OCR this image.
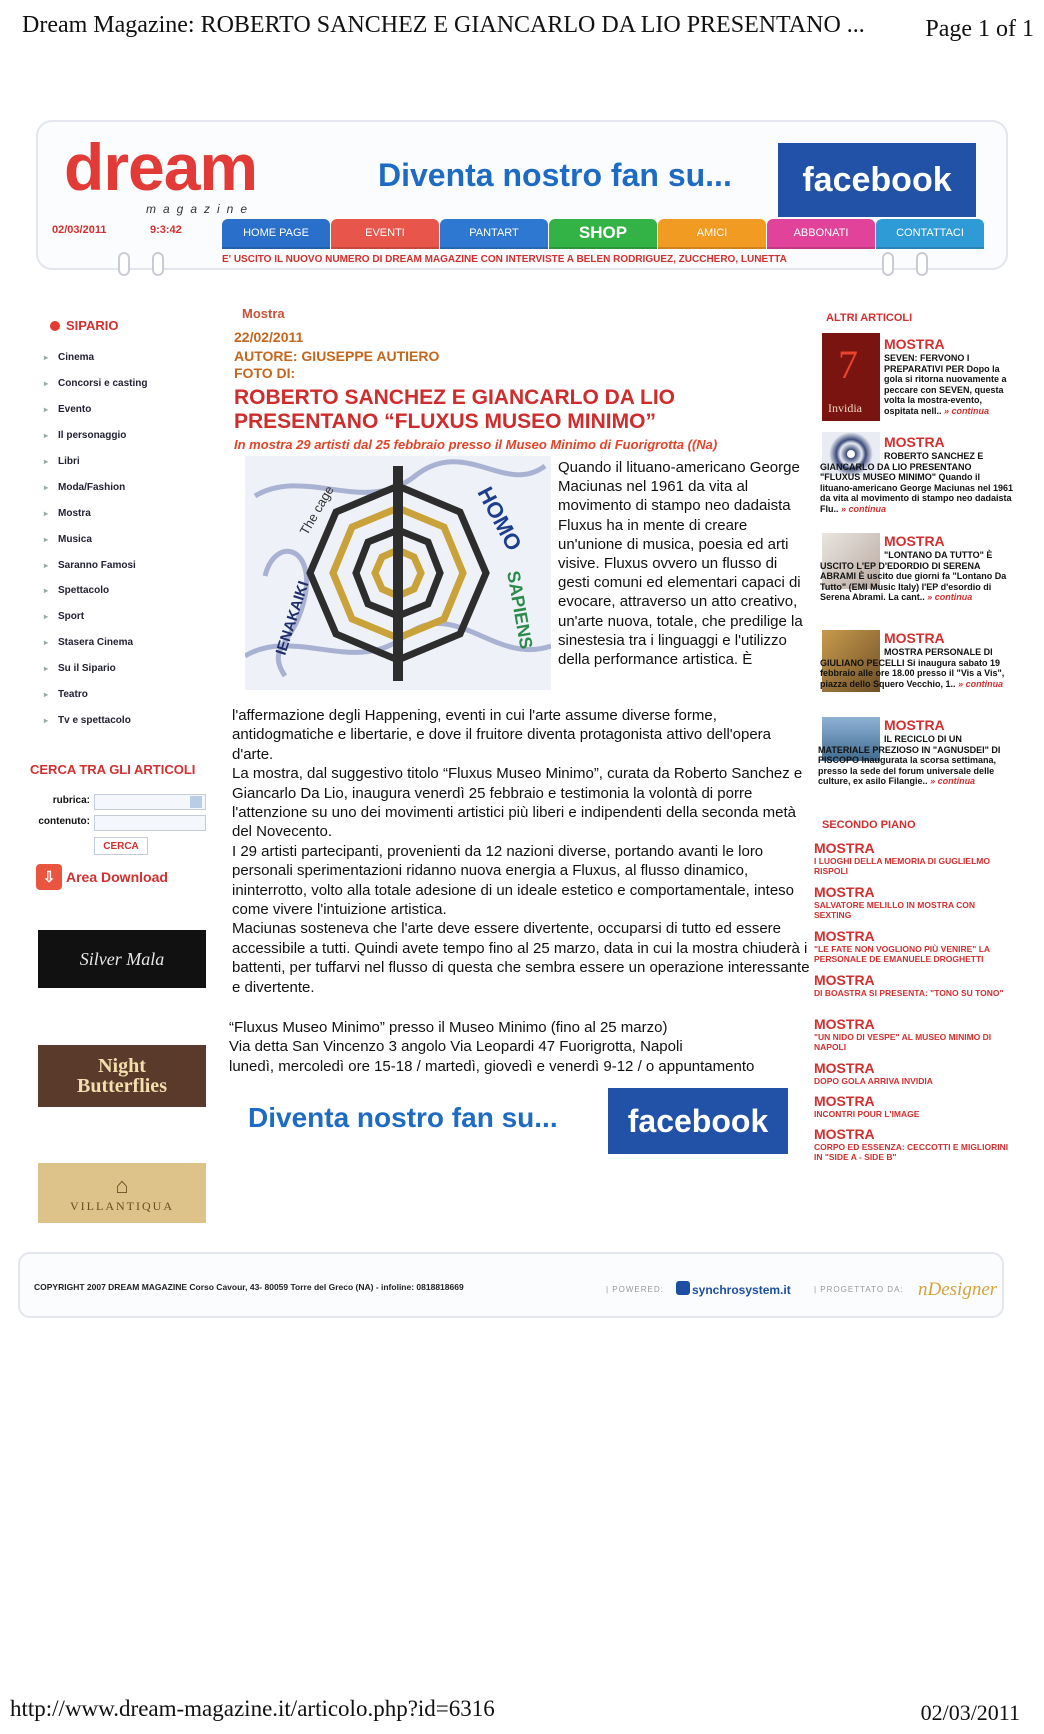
Dream Magazine: ROBERTO SANCHEZ E GIANCARLO DA LIO PRESENTANO ...	Page 1 of 1
http://www.dream-magazine.it/articolo.php?id=6316	02/03/2011
dream
magazine
Diventa nostro fan su...	facebook
02/03/2011	9:3:42	HOME PAGE	EVENTI	PANTART	SHOP	AMICI	ABBONATI	CONTATTACI
E' USCITO IL NUOVO NUMERO DI DREAM MAGAZINE CON INTERVISTE A BELEN RODRIGUEZ, ZUCCHERO, LUNETTA
SIPARIO
▸ Cinema
▸ Concorsi e casting
▸ Evento
▸ Il personaggio
▸ Libri
▸ Moda/Fashion
▸ Mostra
▸ Musica
▸ Saranno Famosi
▸ Spettacolo
▸ Sport
▸ Stasera Cinema
▸ Su il Sipario
▸ Teatro
▸ Tv e spettacolo
CERCA TRA GLI ARTICOLI
rubrica:
contenuto:
CERCA
⇩ Area Download
Silver Mala
Night
Butterflies
⌂
VILLANTIQUA
Mostra
22/02/2011
AUTORE: GIUSEPPE AUTIERO
FOTO DI:
ROBERTO SANCHEZ E GIANCARLO DA LIO PRESENTANO “FLUXUS MUSEO MINIMO”
In mostra 29 artisti dal 25 febbraio presso il Museo Minimo di Fuorigrotta ((Na)
HOMO
SAPIENS
The cage
IENAKAIKI
Quando il lituano-americano George Maciunas nel 1961 da vita al movimento di stampo neo dadaista Fluxus ha in mente di creare un'unione di musica, poesia ed arti visive. Fluxus ovvero un flusso di gesti comuni ed elementari capaci di evocare, attraverso un atto creativo, un'arte nuova, totale, che predilige la sinestesia tra i linguaggi e l'utilizzo della performance artistica. È

l'affermazione degli Happening, eventi in cui l'arte assume diverse forme, antidogmatiche e libertarie, e dove il fruitore diventa protagonista attivo dell'opera d'arte.

La mostra, dal suggestivo titolo “Fluxus Museo Minimo”, curata da Roberto Sanchez e Giancarlo Da Lio, inaugura venerdì 25 febbraio e testimonia la volontà di porre l'attenzione su uno dei movimenti artistici più liberi e indipendenti della seconda metà del Novecento.

I 29 artisti partecipanti, provenienti da 12 nazioni diverse, portando avanti le loro personali sperimentazioni ridanno nuova energia a Fluxus, al flusso dinamico, ininterrotto, volto alla totale adesione di un ideale estetico e comportamentale, inteso come vivere l'intuizione artistica.

Maciunas sosteneva che l'arte deve essere divertente, occuparsi di tutto ed essere accessibile a tutti. Quindi avete tempo fino al 25 marzo, data in cui la mostra chiuderà i battenti, per tuffarvi nel flusso di questa che sembra essere un operazione interessante e divertente.

“Fluxus Museo Minimo” presso il Museo Minimo (fino al 25 marzo)
Via detta San Vincenzo 3 angolo Via Leopardi 47 Fuorigrotta, Napoli
lunedì, mercoledì ore 15-18 / martedì, giovedì e venerdì 9-12 / o appuntamento
Diventa nostro fan su...	facebook
ALTRI ARTICOLI
7
Invidia
MOSTRA
SEVEN: FERVONO I PREPARATIVI PER Dopo la gola si ritorna nuovamente a peccare con SEVEN, questa volta la mostra-evento, ospitata nell.. » continua
MOSTRA
ROBERTO SANCHEZ E GIANCARLO DA LIO PRESENTANO "FLUXUS MUSEO MINIMO" Quando il lituano-americano George Maciunas nel 1961 da vita al movimento di stampo neo dadaista Flu.. » continua
MOSTRA
"LONTANO DA TUTTO" È USCITO L'EP D'EDORDIO DI SERENA ABRAMI È uscito due giorni fa "Lontano Da Tutto" (EMI Music Italy) l'EP d'esordio di Serena Abrami. La cant.. » continua
MOSTRA
MOSTRA PERSONALE DI GIULIANO PECELLI Si inaugura sabato 19 febbraio alle ore 18.00 presso il "Vis a Vis", piazza dello Squero Vecchio, 1.. » continua
MOSTRA
IL RECICLO DI UN MATERIALE PREZIOSO IN "AGNUSDEI" DI PISCOPO Inaugurata la scorsa settimana, presso la sede del forum universale delle culture, ex asilo Filangie.. » continua
SECONDO PIANO
MOSTRA
I LUOGHI DELLA MEMORIA DI GUGLIELMO RISPOLI
MOSTRA
SALVATORE MELILLO IN MOSTRA CON SEXTING
MOSTRA
"LE FATE NON VOGLIONO PIÙ VENIRE" LA PERSONALE DE EMANUELE DROGHETTI
MOSTRA
DI BOASTRA SI PRESENTA: "TONO SU TONO"
MOSTRA
"UN NIDO DI VESPE" AL MUSEO MINIMO DI NAPOLI
MOSTRA
DOPO GOLA ARRIVA INVIDIA
MOSTRA
INCONTRI POUR L'IMAGE
MOSTRA
CORPO ED ESSENZA: CECCOTTI E MIGLIORINI IN "SIDE A - SIDE B"
COPYRIGHT 2007 DREAM MAGAZINE Corso Cavour, 43- 80059 Torre del Greco (NA) - infoline: 0818818669	| POWERED: synchrosystem.it	| PROGETTATO DA: nDesigner
